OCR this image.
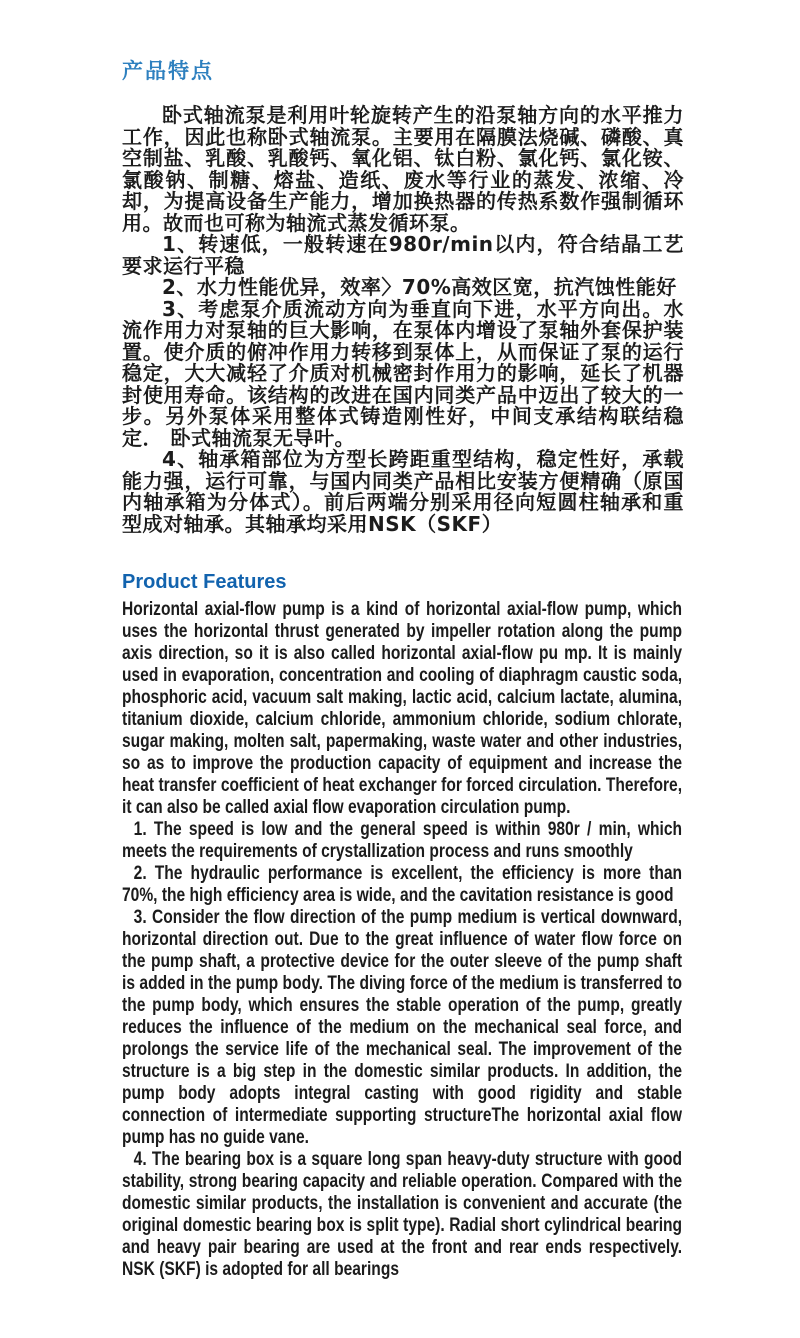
产品特点

卧式轴流泵是利用叶轮旋转产生的沿泵轴方向的水平推力工作，因此也称卧式轴流泵。主要用在隔膜法烧碱、磷酸、真空制盐、乳酸、乳酸钙、氧化铝、钛白粉、氯化钙、氯化铵、氯酸钠、制糖、熔盐、造纸、废水等行业的蒸发、浓缩、冷却，为提高设备生产能力，增加换热器的传热系数作强制循环用。故而也可称为轴流式蒸发循环泵。

1、转速低，一般转速在980r/min以内，符合结晶工艺要求运行平稳

2、水力性能优异，效率〉70%高效区宽，抗汽蚀性能好

3、考虑泵介质流动方向为垂直向下进，水平方向出。水流作用力对泵轴的巨大影响，在泵体内增设了泵轴外套保护装置。使介质的俯冲作用力转移到泵体上，从而保证了泵的运行稳定，大大减轻了介质对机械密封作用力的影响，延长了机器封使用寿命。该结构的改进在国内同类产品中迈出了较大的一步。另外泵体采用整体式铸造刚性好，中间支承结构联结稳定． 卧式轴流泵无导叶。

4、轴承箱部位为方型长跨距重型结构，稳定性好，承载能力强，运行可靠，与国内同类产品相比安装方便精确（原国内轴承箱为分体式）。前后两端分别采用径向短圆柱轴承和重型成对轴承。其轴承均采用NSK（SKF）

Product Features

Horizontal axial-flow pump is a kind of horizontal axial-flow pump, which uses the horizontal thrust generated by impeller rotation along the pump axis direction, so it is also called horizontal axial-flow pu mp. It is mainly used in evaporation, concentration and cooling of diaphragm caustic soda, phosphoric acid, vacuum salt making, lactic acid, calcium lactate, alumina, titanium dioxide, calcium chloride, ammonium chloride, sodium chlorate, sugar making, molten salt, papermaking, waste water and other industries, so as to improve the production capacity of equipment and increase the heat transfer coefficient of heat exchanger for forced circulation. Therefore, it can also be called axial flow evaporation circulation pump.

1. The speed is low and the general speed is within 980r / min, which meets the requirements of crystallization process and runs smoothly

2. The hydraulic performance is excellent, the efficiency is more than 70%, the high efficiency area is wide, and the cavitation resistance is good

3. Consider the flow direction of the pump medium is vertical downward, horizontal direction out. Due to the great influence of water flow force on the pump shaft, a protective device for the outer sleeve of the pump shaft is added in the pump body. The diving force of the medium is transferred to the pump body, which ensures the stable operation of the pump, greatly reduces the influence of the medium on the mechanical seal force, and prolongs the service life of the mechanical seal. The improvement of the structure is a big step in the domestic similar products. In addition, the pump body adopts integral casting with good rigidity and stable connection of intermediate supporting structureThe horizontal axial flow pump has no guide vane.

4. The bearing box is a square long span heavy-duty structure with good stability, strong bearing capacity and reliable operation. Compared with the domestic similar products, the installation is convenient and accurate (the original domestic bearing box is split type). Radial short cylindrical bearing and heavy pair bearing are used at the front and rear ends respectively. NSK (SKF) is adopted for all bearings
